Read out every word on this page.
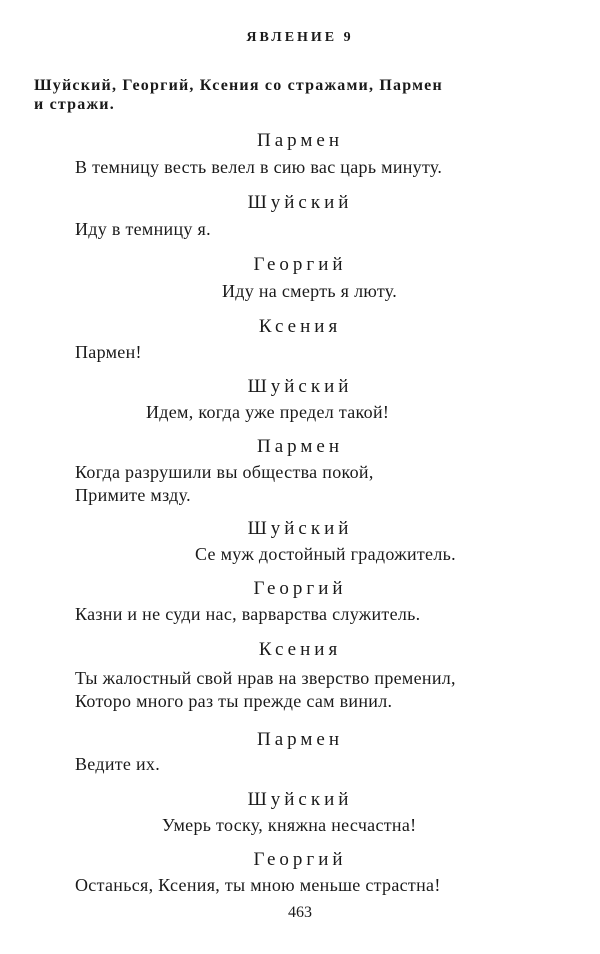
ЯВЛЕНИЕ 9
Шуйский, Георгий, Ксения со стражами, Пармен
и стражи.
Пармен
В темницу весть велел в сию вас царь минуту.
Шуйский
Иду в темницу я.
Георгий
Иду на смерть я люту.
Ксения
Пармен!
Шуйский
Идем, когда уже предел такой!
Пармен
Когда разрушили вы общества покой,
Примите мзду.
Шуйский
Се муж достойный градожитель.
Георгий
Казни и не суди нас, варварства служитель.
Ксения
Ты жалостный свой нрав на зверство пременил,
Которо много раз ты прежде сам винил.
Пармен
Ведите их.
Шуйский
Умерь тоску, княжна несчастна!
Георгий
Останься, Ксения, ты мною меньше страстна!
463
